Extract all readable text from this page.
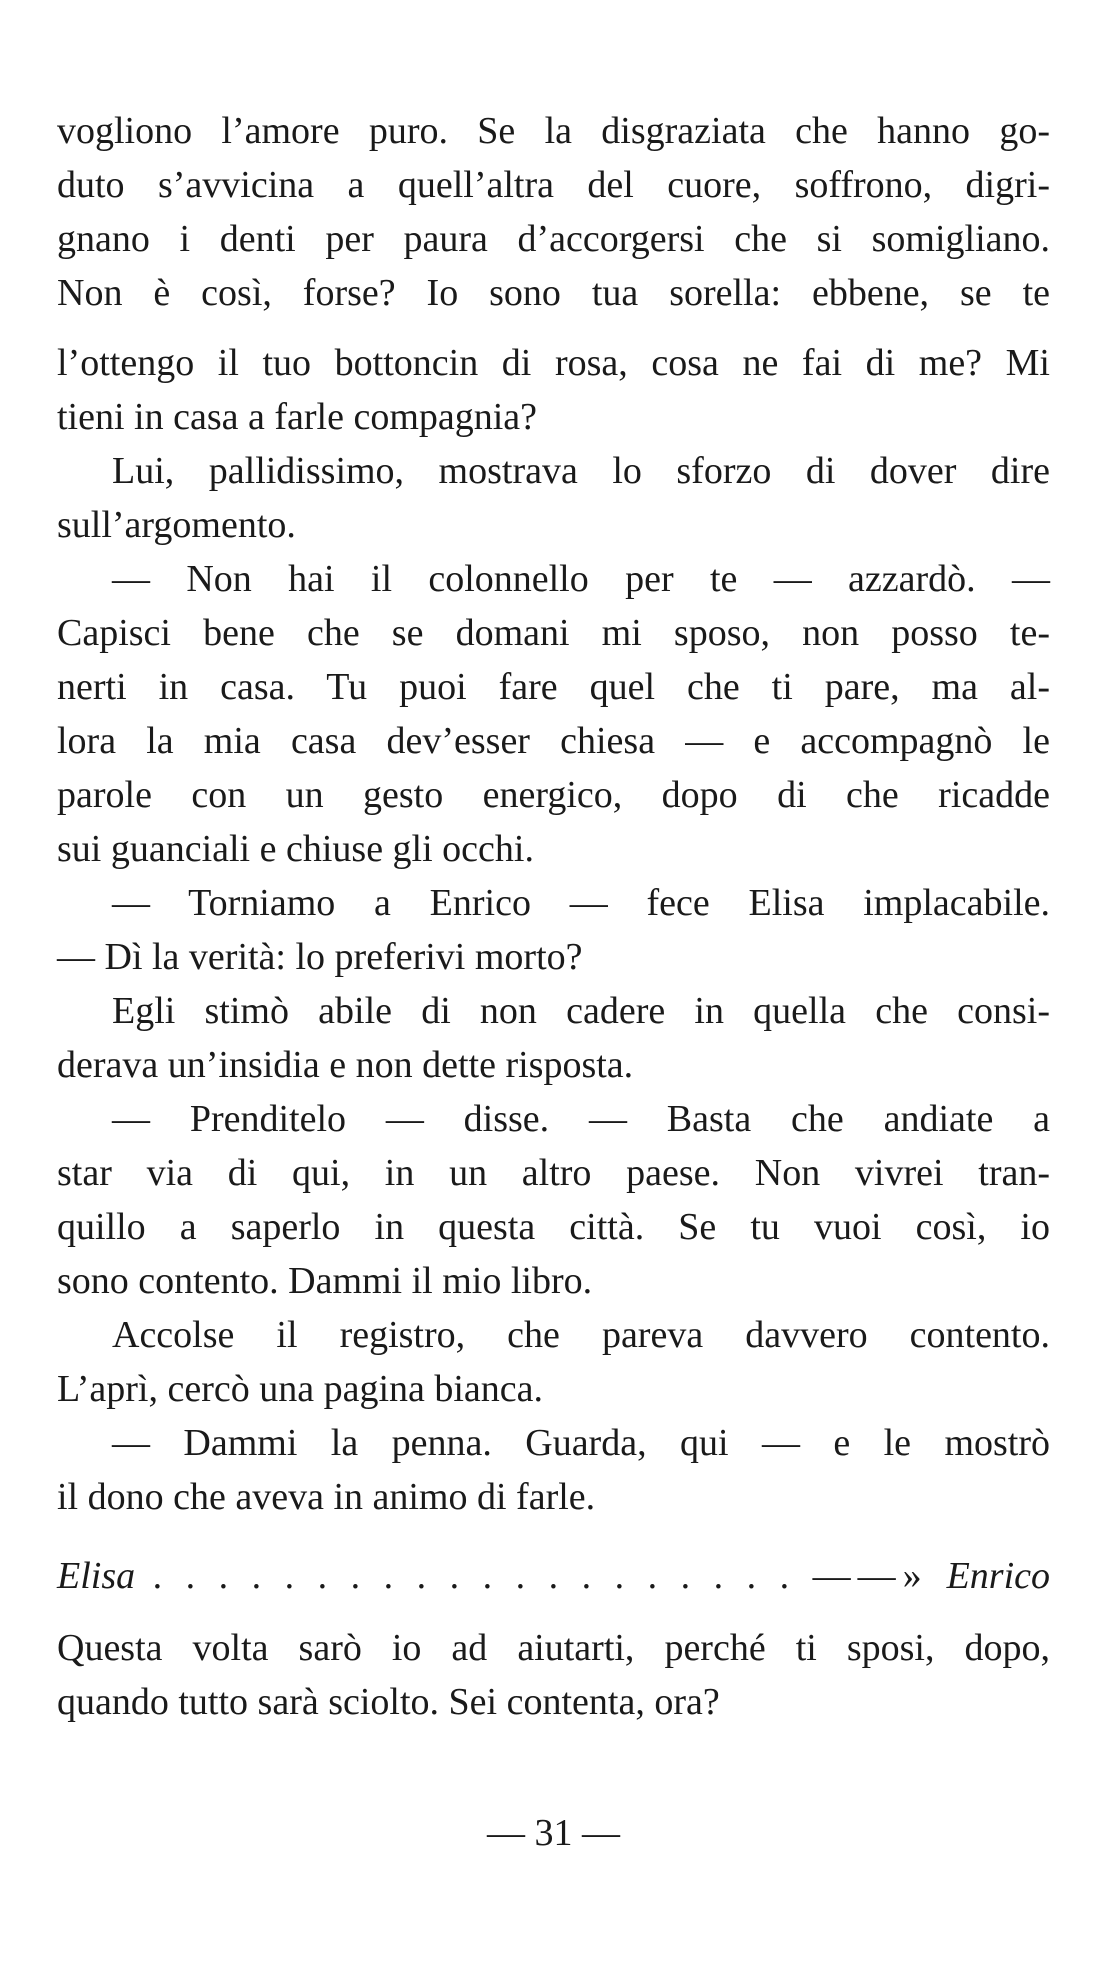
vogliono l’amore puro. Se la disgraziata che hanno go-
duto s’avvicina a quell’altra del cuore, soffrono, digri-
gnano i denti per paura d’accorgersi che si somigliano.
Non è così, forse? Io sono tua sorella: ebbene, se te
l’ottengo il tuo bottoncin di rosa, cosa ne fai di me? Mi
tieni in casa a farle compagnia?
Lui, pallidissimo, mostrava lo sforzo di dover dire
sull’argomento.
— Non hai il colonnello per te — azzardò. —
Capisci bene che se domani mi sposo, non posso te-
nerti in casa. Tu puoi fare quel che ti pare, ma al-
lora la mia casa dev’esser chiesa — e accompagnò le
parole con un gesto energico, dopo di che ricadde
sui guanciali e chiuse gli occhi.
— Torniamo a Enrico — fece Elisa implacabile.
— Dì la verità: lo preferivi morto?
Egli stimò abile di non cadere in quella che consi-
derava un’insidia e non dette risposta.
— Prenditelo — disse. — Basta che andiate a
star via di qui, in un altro paese. Non vivrei tran-
quillo a saperlo in questa città. Se tu vuoi così, io
sono contento. Dammi il mio libro.
Accolse il registro, che pareva davvero contento.
L’aprì, cercò una pagina bianca.
— Dammi la penna. Guarda, qui — e le mostrò
il dono che aveva in animo di farle.
Elisa . . . . . . . . . . . . . . . . . . . . ——» Enrico
Questa volta sarò io ad aiutarti, perché ti sposi, dopo,
quando tutto sarà sciolto. Sei contenta, ora?
— 31 —
